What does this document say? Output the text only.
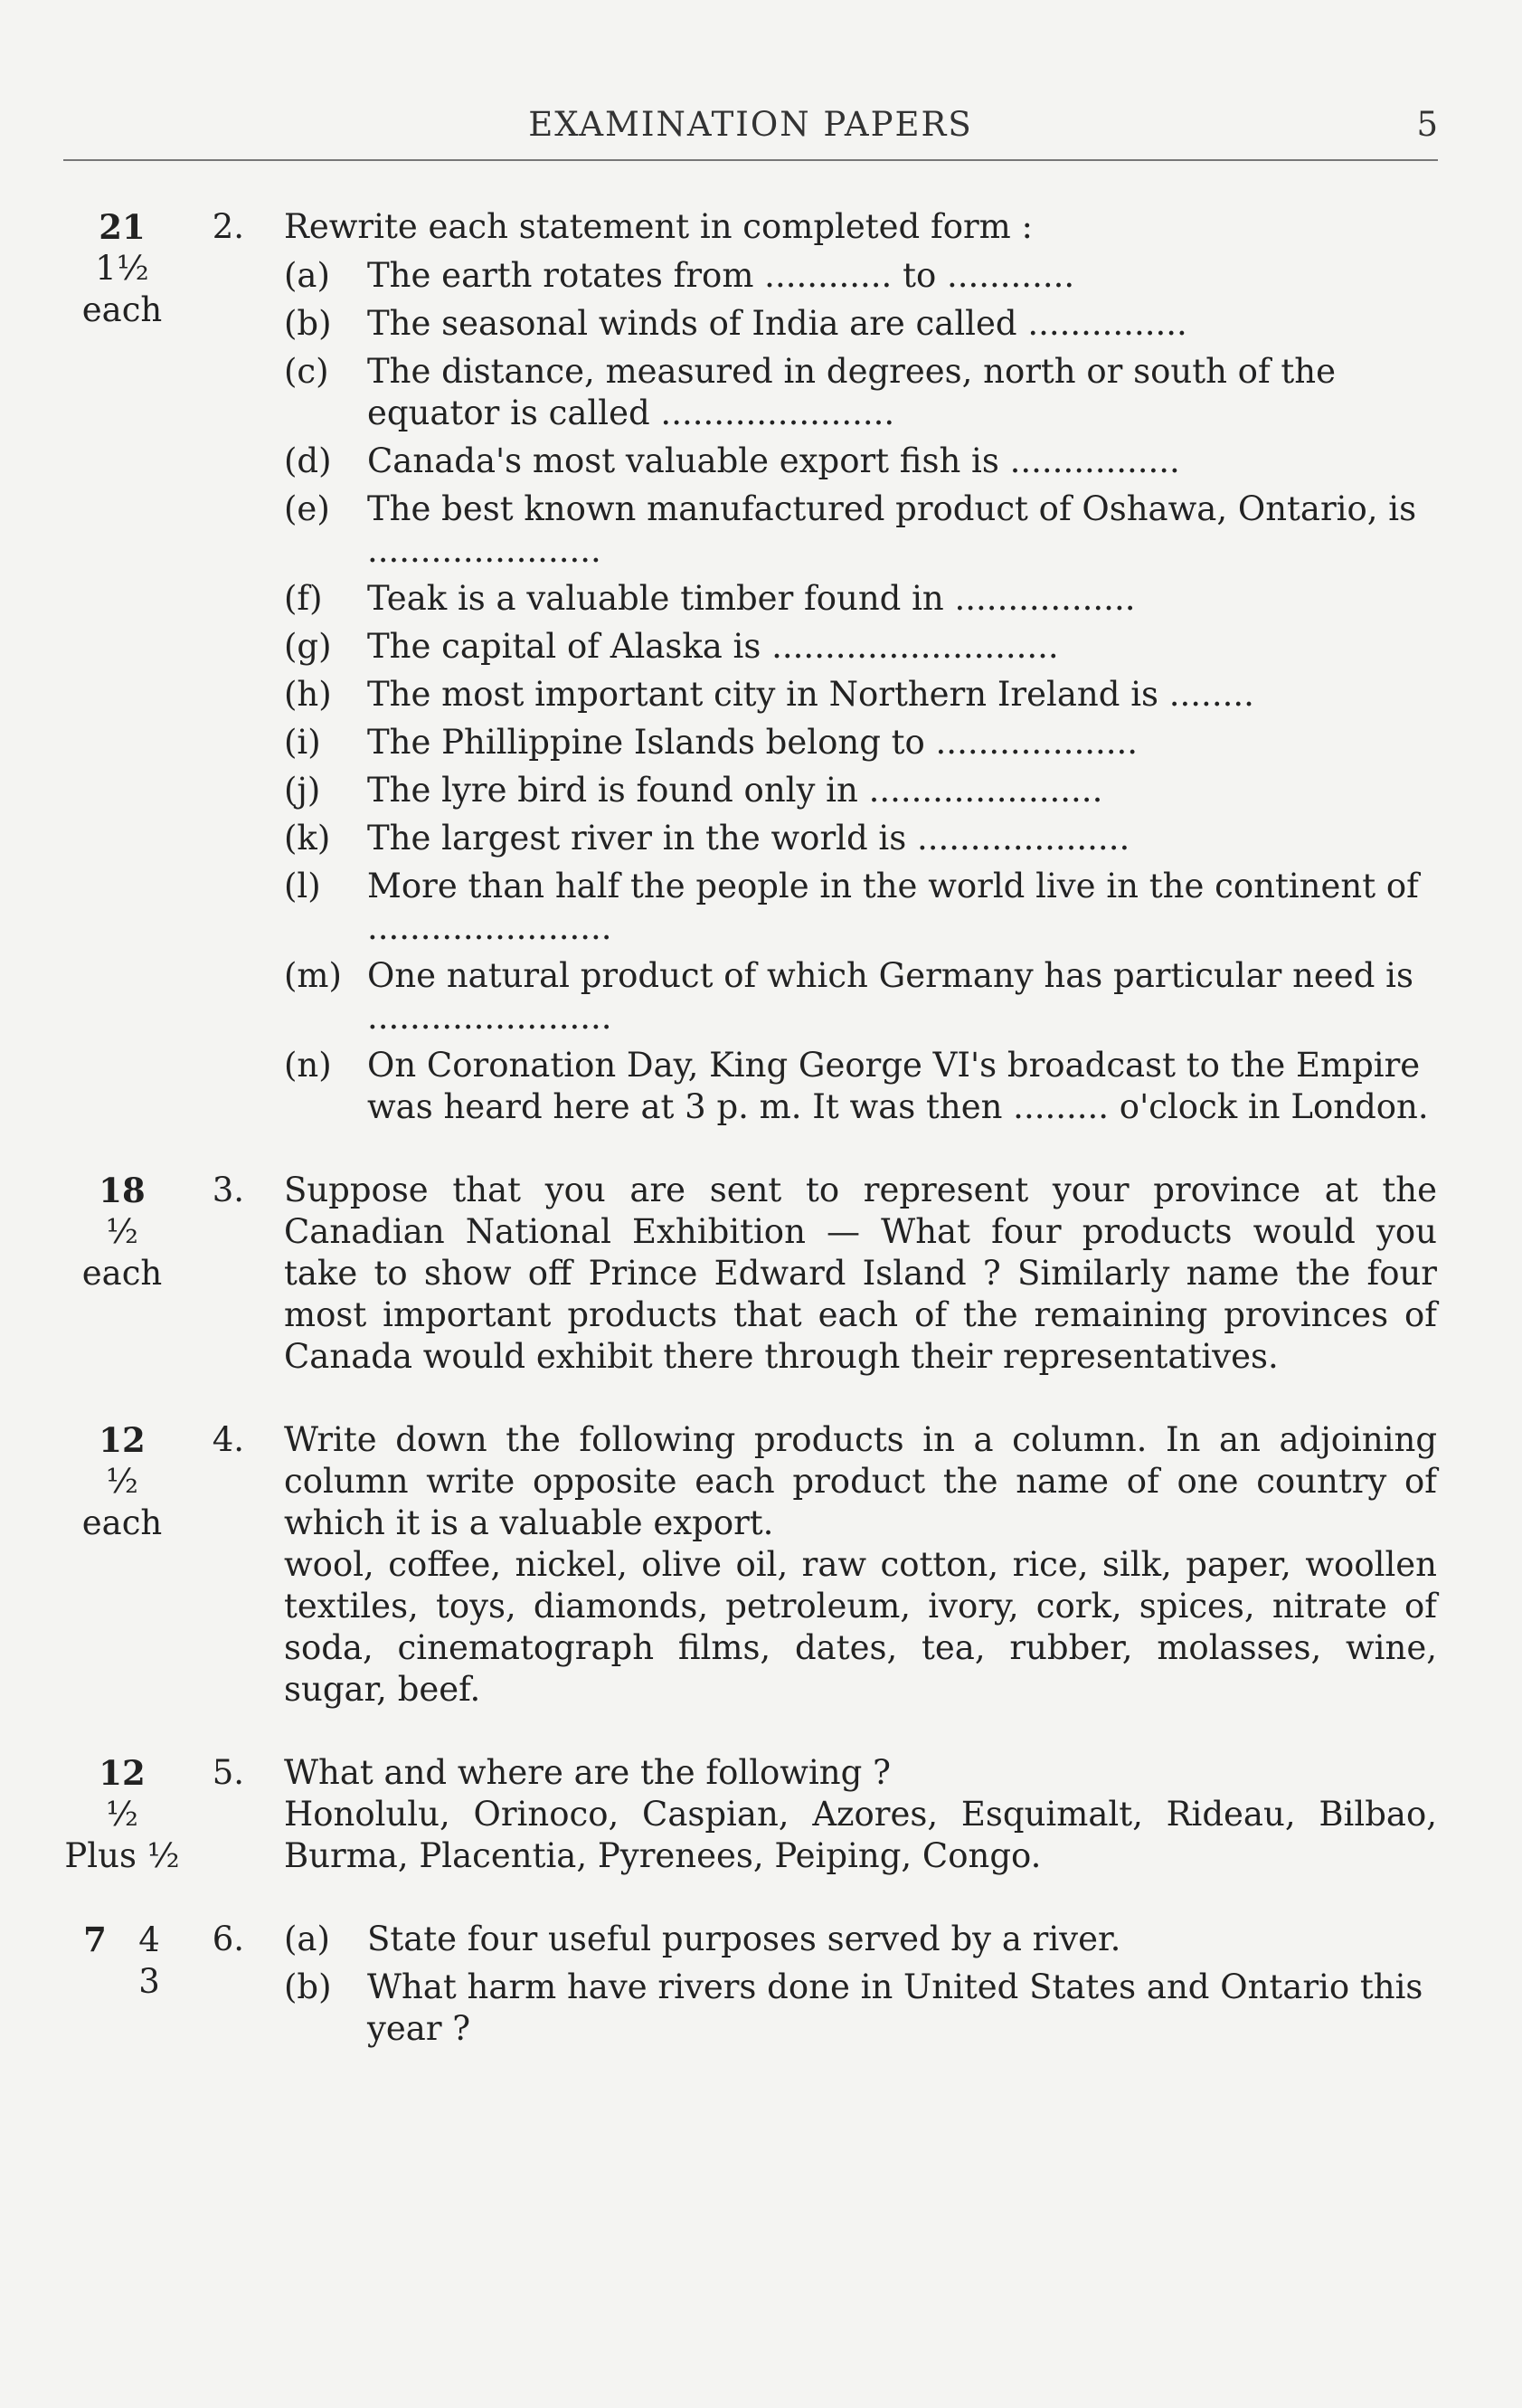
EXAMINATION PAPERS	5
21
1½
each
2. Rewrite each statement in completed form :

(a) The earth rotates from ............ to ............
(b) The seasonal winds of India are called ...............
(c) The distance, measured in degrees, north or south of the equator is called ......................
(d) Canada's most valuable export fish is ................
(e) The best known manufactured product of Oshawa, Ontario, is ......................
(f) Teak is a valuable timber found in .................
(g) The capital of Alaska is ...........................
(h) The most important city in Northern Ireland is ........
(i) The Phillippine Islands belong to ...................
(j) The lyre bird is found only in ......................
(k) The largest river in the world is ....................
(l) More than half the people in the world live in the continent of .......................
(m) One natural product of which Germany has particular need is .......................
(n) On Coronation Day, King George VI's broadcast to the Empire was heard here at 3 p. m. It was then ......... o'clock in London.
18
½
each
3. Suppose that you are sent to represent your province at the Canadian National Exhibition — What four products would you take to show off Prince Edward Island ? Similarly name the four most important products that each of the remaining provinces of Canada would exhibit there through their representatives.
12
½
each
4. Write down the following products in a column. In an adjoining column write opposite each product the name of one country of which it is a valuable export.
wool, coffee, nickel, olive oil, raw cotton, rice, silk, paper, woollen textiles, toys, diamonds, petroleum, ivory, cork, spices, nitrate of soda, cinematograph films, dates, tea, rubber, molasses, wine, sugar, beef.
12
½
Plus ½
5. What and where are the following ?
Honolulu, Orinoco, Caspian, Azores, Esquimalt, Rideau, Bilbao, Burma, Placentia, Pyrenees, Peiping, Congo.
7 4
3
6. (a) State four useful purposes served by a river.
(b) What harm have rivers done in United States and Ontario this year ?
